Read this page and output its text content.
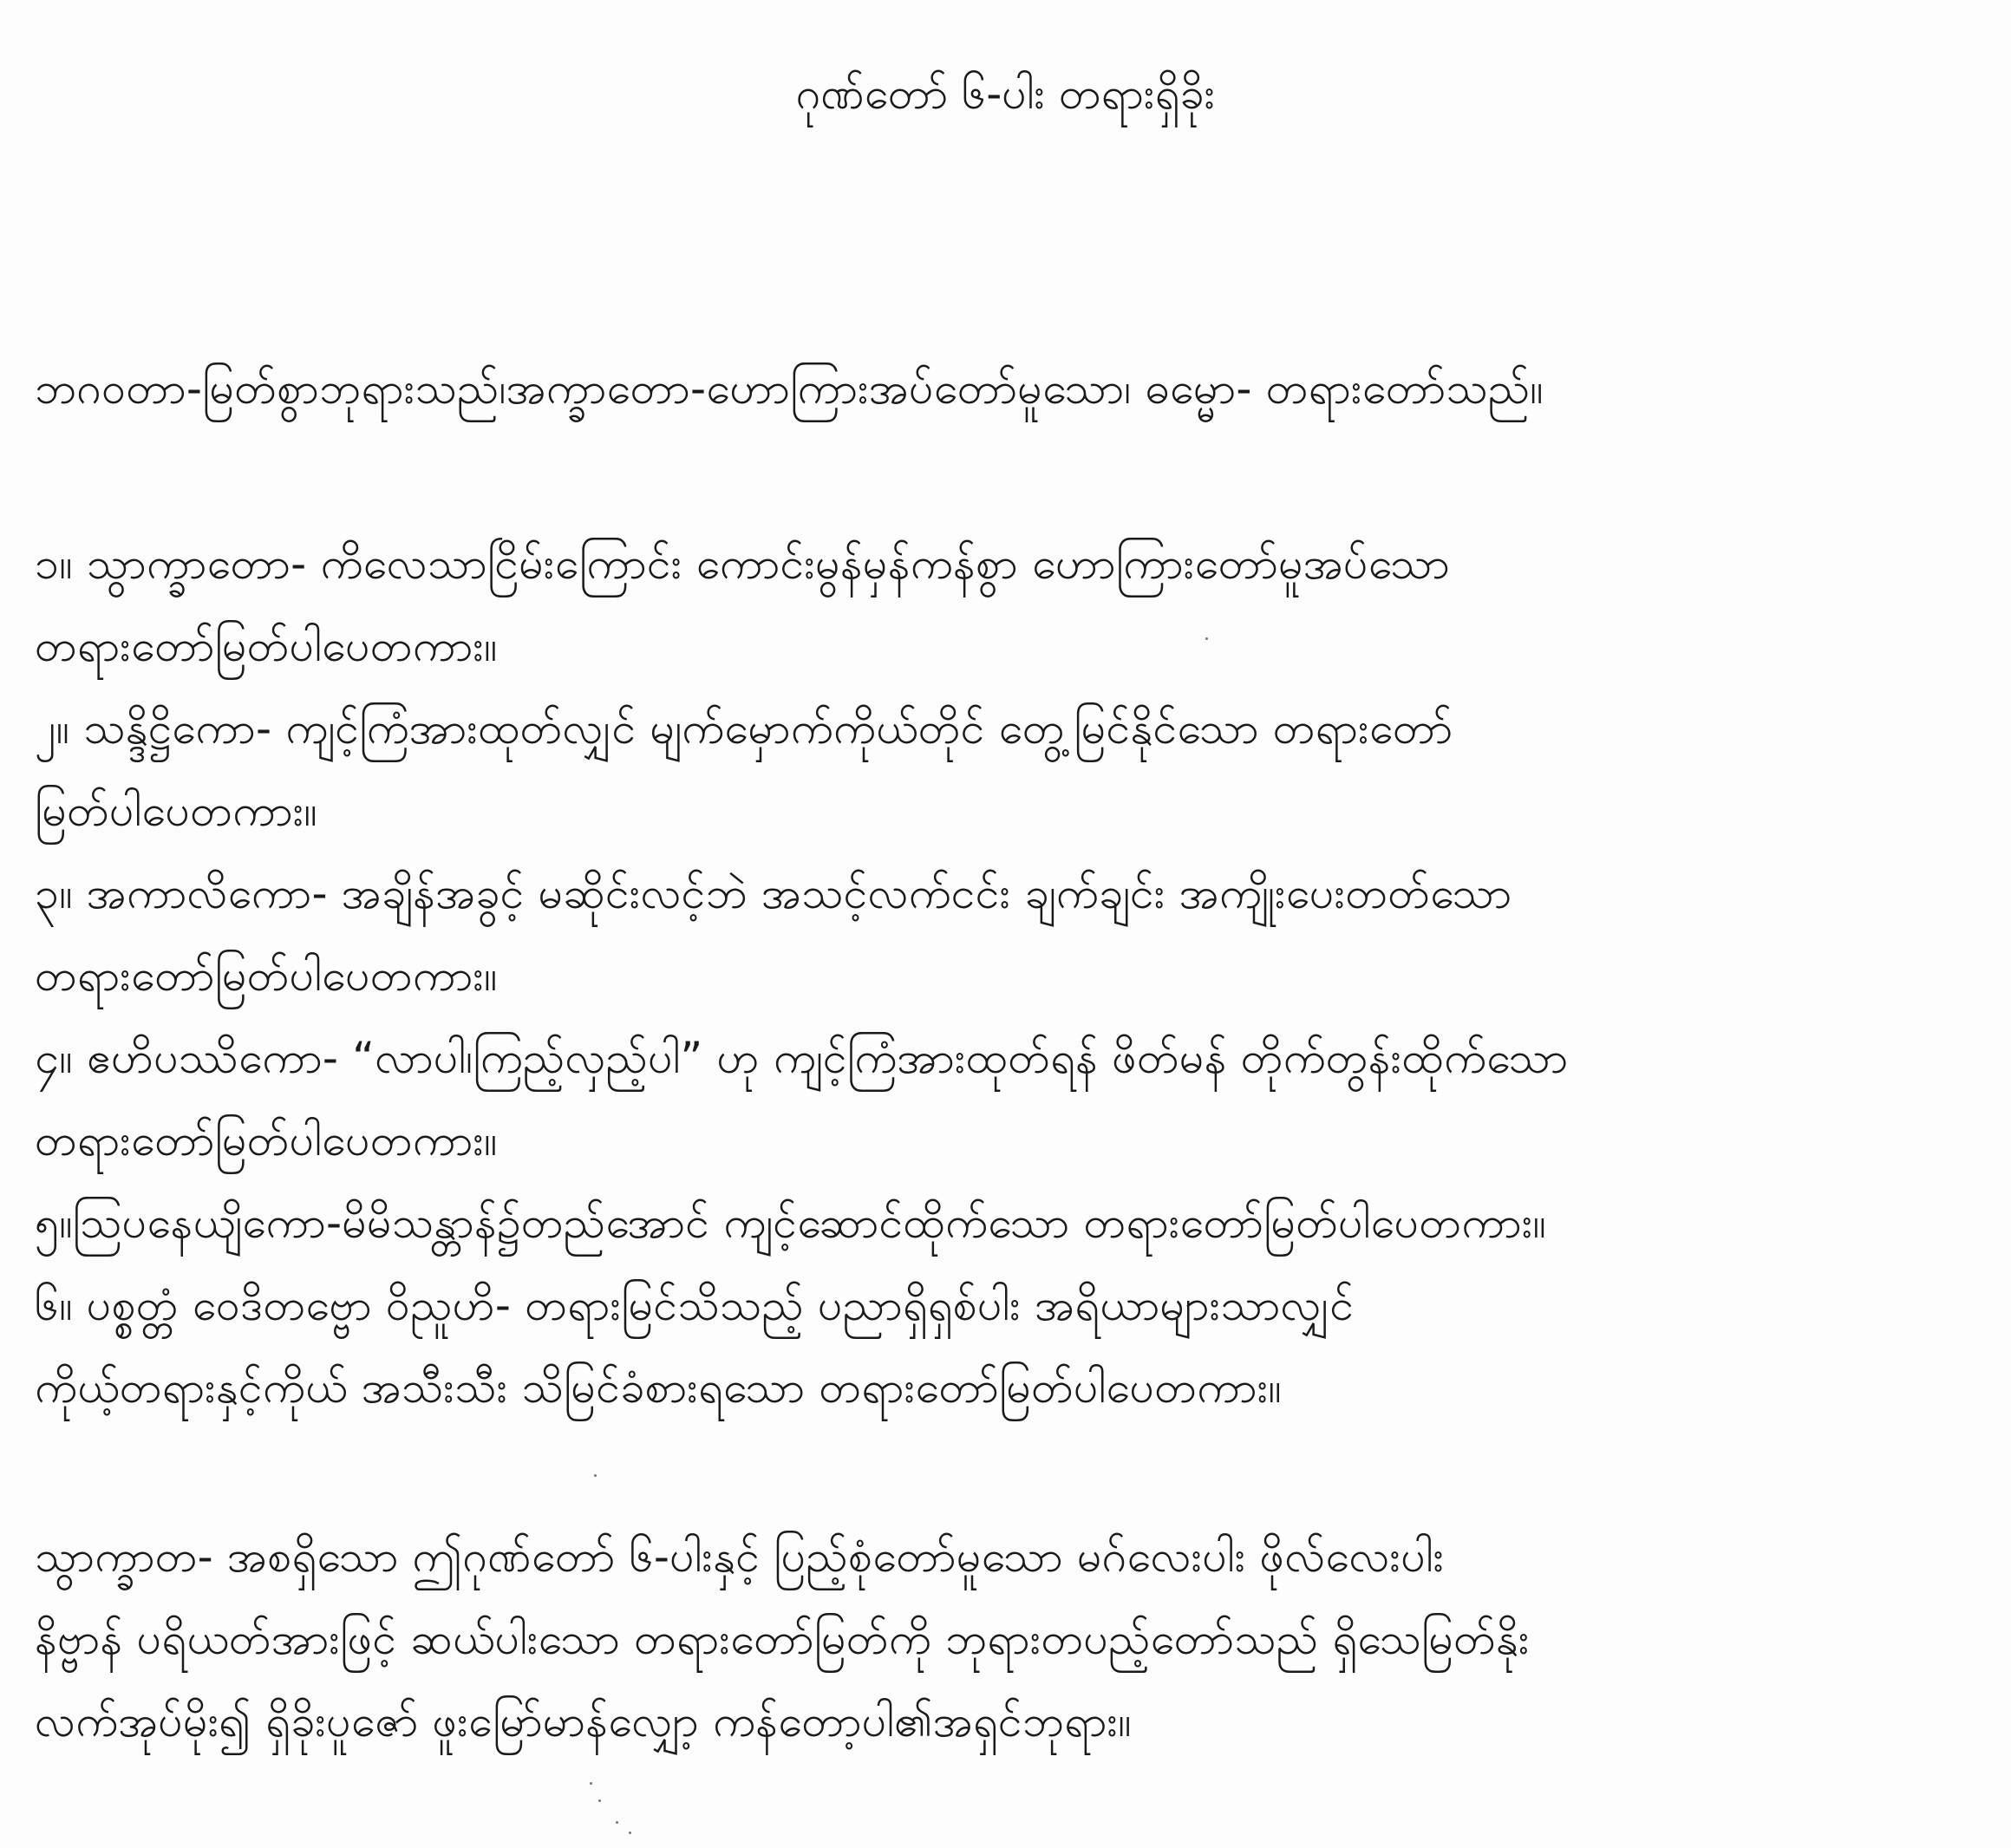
ဂုဏ်တော် ၆-ပါး တရားရှိခိုး
ဘဂဝတာ-မြတ်စွာဘုရားသည်၊အက္ခာတော-ဟောကြားအပ်တော်မူသော၊ ဓမ္မော- တရားတော်သည်။
၁။ သွာက္ခာတော- ကိလေသာငြိမ်းကြောင်း ကောင်းမွန်မှန်ကန်စွာ ဟောကြားတော်မူအပ်သော
တရားတော်မြတ်ပါပေတကား။
၂။ သန္ဒိဋ္ဌိကော- ကျင့်ကြံအားထုတ်လျှင် မျက်မှောက်ကိုယ်တိုင် တွေ့မြင်နိုင်သော တရားတော်
မြတ်ပါပေတကား။
၃။ အကာလိကော- အချိန်အခွင့် မဆိုင်းလင့်ဘဲ အသင့်လက်ငင်း ချက်ချင်း အကျိုးပေးတတ်သော
တရားတော်မြတ်ပါပေတကား။
၄။ ဧဟိပဿိကော- “လာပါ၊ကြည့်လှည့်ပါ” ဟု ကျင့်ကြံအားထုတ်ရန် ဖိတ်မန် တိုက်တွန်းထိုက်သော
တရားတော်မြတ်ပါပေတကား။
၅။ဩပနေယျိကော-မိမိသန္တာန်၌တည်အောင် ကျင့်ဆောင်ထိုက်သော တရားတော်မြတ်ပါပေတကား။
၆။ ပစ္စတ္တံ ဝေဒိတဗ္ဗော ဝိညူဟိ- တရားမြင်သိသည့် ပညာရှိရှစ်ပါး အရိယာများသာလျှင်
ကိုယ့်တရားနှင့်ကိုယ် အသီးသီး သိမြင်ခံစားရသော တရားတော်မြတ်ပါပေတကား။
သွာက္ခာတ- အစရှိသော ဤဂုဏ်တော် ၆-ပါးနှင့် ပြည့်စုံတော်မူသော မဂ်လေးပါး ဖိုလ်လေးပါး
နိဗ္ဗာန် ပရိယတ်အားဖြင့် ဆယ်ပါးသော တရားတော်မြတ်ကို ဘုရားတပည့်တော်သည် ရှိသေမြတ်နိုး
လက်အုပ်မိုး၍ ရှိခိုးပူဇော် ဖူးမြော်မာန်လျှော့ ကန်တော့ပါ၏အရှင်ဘုရား။
